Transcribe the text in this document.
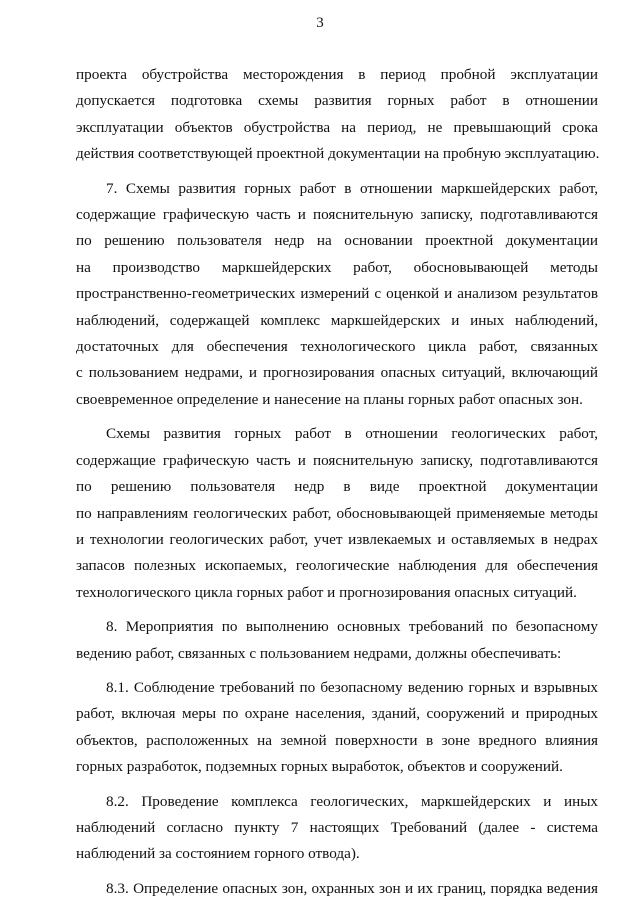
3

проекта обустройства месторождения в период пробной эксплуатации
допускается подготовка схемы развития горных работ в отношении
эксплуатации объектов обустройства на период, не превышающий срока
действия соответствующей проектной документации на пробную эксплуатацию.

7. Схемы развития горных работ в отношении маркшейдерских работ,
содержащие графическую часть и пояснительную записку, подготавливаются
по решению пользователя недр на основании проектной документации
на производство маркшейдерских работ, обосновывающей методы
пространственно-геометрических измерений с оценкой и анализом результатов
наблюдений, содержащей комплекс маркшейдерских и иных наблюдений,
достаточных для обеспечения технологического цикла работ, связанных
с пользованием недрами, и прогнозирования опасных ситуаций, включающий
своевременное определение и нанесение на планы горных работ опасных зон.

Схемы развития горных работ в отношении геологических работ,
содержащие графическую часть и пояснительную записку, подготавливаются
по решению пользователя недр в виде проектной документации
по направлениям геологических работ, обосновывающей применяемые методы
и технологии геологических работ, учет извлекаемых и оставляемых в недрах
запасов полезных ископаемых, геологические наблюдения для обеспечения
технологического цикла горных работ и прогнозирования опасных ситуаций.

8. Мероприятия по выполнению основных требований по безопасному
ведению работ, связанных с пользованием недрами, должны обеспечивать:

8.1. Соблюдение требований по безопасному ведению горных и взрывных
работ, включая меры по охране населения, зданий, сооружений и природных
объектов, расположенных на земной поверхности в зоне вредного влияния
горных разработок, подземных горных выработок, объектов и сооружений.

8.2. Проведение комплекса геологических, маркшейдерских и иных
наблюдений согласно пункту 7 настоящих Требований (далее - система
наблюдений за состоянием горного отвода).

8.3. Определение опасных зон, охранных зон и их границ, порядка ведения
